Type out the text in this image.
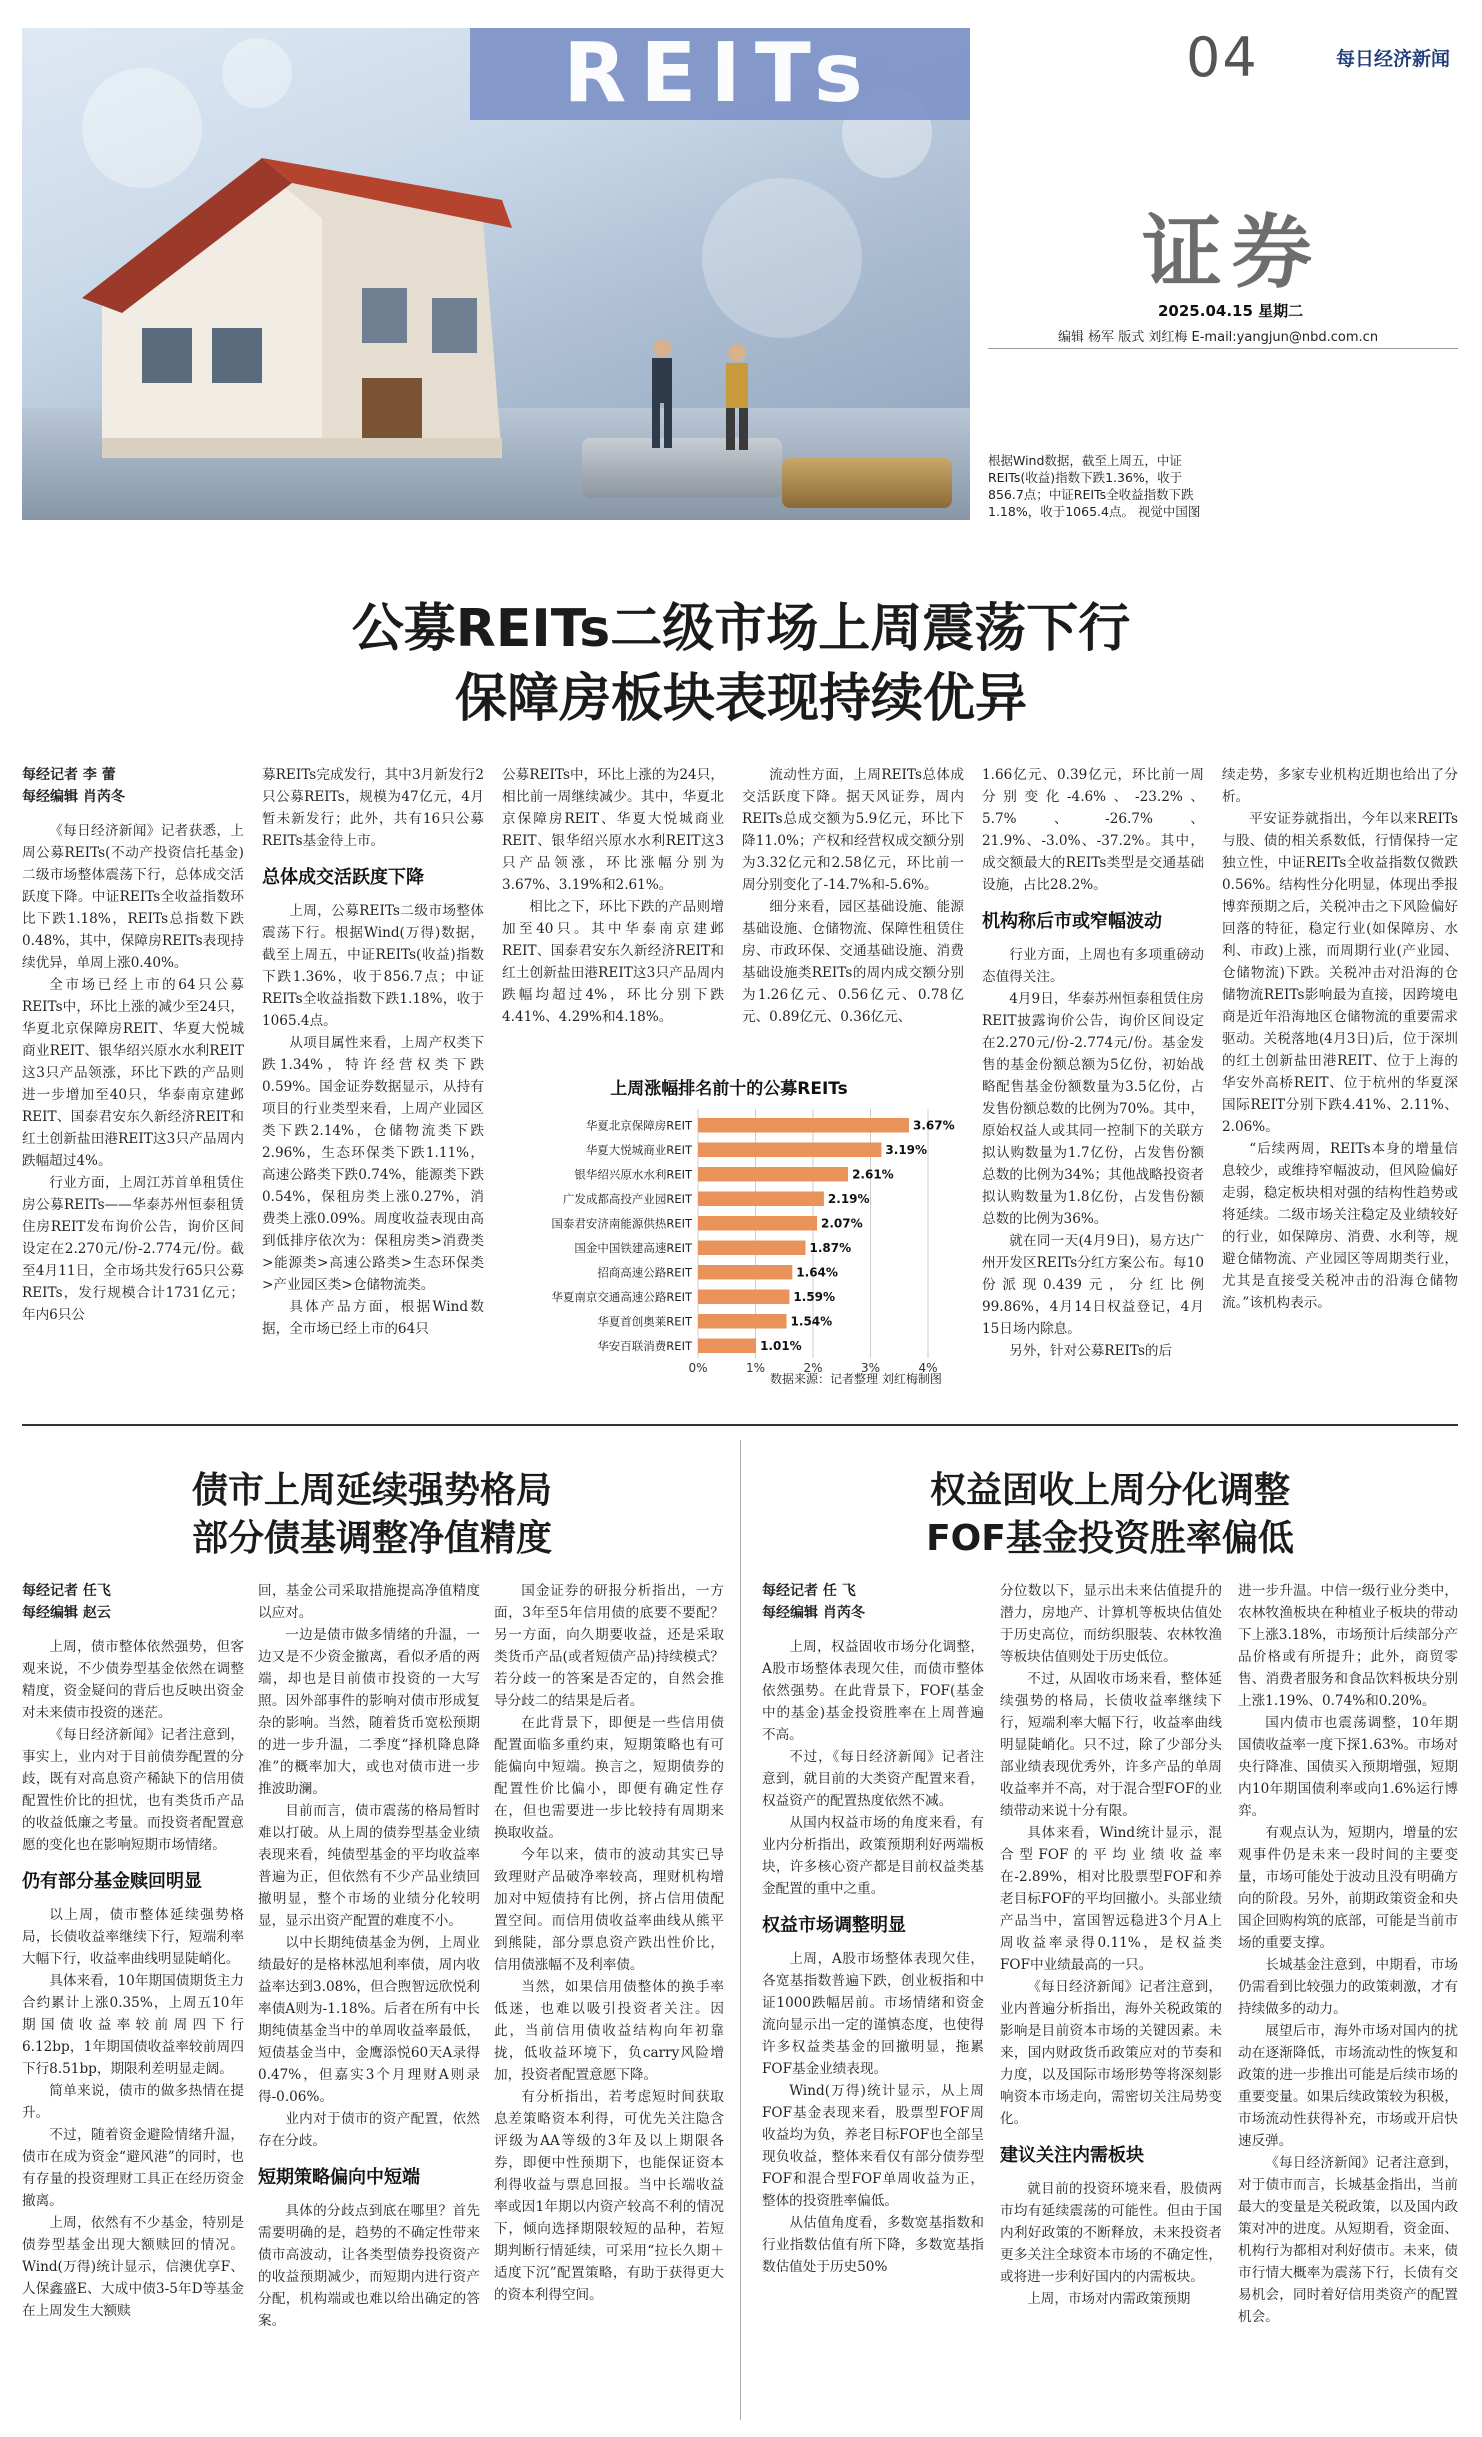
REITs	04	每日经济新闻
证券
2025.04.15 星期二
编辑 杨军 版式 刘红梅 E-mail:yangjun@nbd.com.cn
根据Wind数据，截至上周五，中证REITs(收益)指数下跌1.36%，收于856.7点；中证REITs全收益指数下跌1.18%，收于1065.4点。 视觉中国图
公募REITs二级市场上周震荡下行
保障房板块表现持续优异
每经记者 李 蕾
每经编辑 肖芮冬

《每日经济新闻》记者获悉，上周公募REITs(不动产投资信托基金)二级市场整体震荡下行，总体成交活跃度下降。中证REITs全收益指数环比下跌1.18%，REITs总指数下跌0.48%，其中，保障房REITs表现持续优异，单周上涨0.40%。

全市场已经上市的64只公募REITs中，环比上涨的减少至24只，华夏北京保障房REIT、华夏大悦城商业REIT、银华绍兴原水水利REIT这3只产品领涨，环比下跌的产品则进一步增加至40只，华泰南京建邺REIT、国泰君安东久新经济REIT和红土创新盐田港REIT这3只产品周内跌幅超过4%。

行业方面，上周江苏首单租赁住房公募REITs——华泰苏州恒泰租赁住房REIT发布询价公告，询价区间设定在2.270元/份-2.774元/份。截至4月11日，全市场共发行65只公募REITs，发行规模合计1731亿元；年内6只公

募REITs完成发行，其中3月新发行2只公募REITs，规模为47亿元，4月暂未新发行；此外，共有16只公募REITs基金待上市。

总体成交活跃度下降

上周，公募REITs二级市场整体震荡下行。根据Wind(万得)数据，截至上周五，中证REITs(收益)指数下跌1.36%，收于856.7点；中证REITs全收益指数下跌1.18%，收于1065.4点。

从项目属性来看，上周产权类下跌1.34%，特许经营权类下跌0.59%。国金证券数据显示，从持有项目的行业类型来看，上周产业园区类下跌2.14%，仓储物流类下跌2.96%，生态环保类下跌1.11%，高速公路类下跌0.74%，能源类下跌0.54%，保租房类上涨0.27%，消费类上涨0.09%。周度收益表现由高到低排序依次为：保租房类>消费类>能源类>高速公路类>生态环保类>产业园区类>仓储物流类。

具体产品方面，根据Wind数据，全市场已经上市的64只

公募REITs中，环比上涨的为24只，相比前一周继续减少。其中，华夏北京保障房REIT、华夏大悦城商业REIT、银华绍兴原水水利REIT这3只产品领涨，环比涨幅分别为3.67%、3.19%和2.61%。

相比之下，环比下跌的产品则增加至40只。其中华泰南京建邺REIT、国泰君安东久新经济REIT和红土创新盐田港REIT这3只产品周内跌幅均超过4%，环比分别下跌4.41%、4.29%和4.18%。

流动性方面，上周REITs总体成交活跃度下降。据天风证券，周内REITs总成交额为5.9亿元，环比下降11.0%；产权和经营权成交额分别为3.32亿元和2.58亿元，环比前一周分别变化了-14.7%和-5.6%。

细分来看，园区基础设施、能源基础设施、仓储物流、保障性租赁住房、市政环保、交通基础设施、消费基础设施类REITs的周内成交额分别为1.26亿元、0.56亿元、0.78亿元、0.89亿元、0.36亿元、

1.66亿元、0.39亿元，环比前一周分别变化-4.6%、-23.2%、5.7%、-26.7%、21.9%、-3.0%、-37.2%。其中，成交额最大的REITs类型是交通基础设施，占比28.2%。

机构称后市或窄幅波动

行业方面，上周也有多项重磅动态值得关注。

4月9日，华泰苏州恒泰租赁住房REIT披露询价公告，询价区间设定在2.270元/份-2.774元/份。基金发售的基金份额总额为5亿份，初始战略配售基金份额数量为3.5亿份，占发售份额总数的比例为70%。其中，原始权益人或其同一控制下的关联方拟认购数量为1.7亿份，占发售份额总数的比例为34%；其他战略投资者拟认购数量为1.8亿份，占发售份额总数的比例为36%。

就在同一天(4月9日)，易方达广州开发区REITs分红方案公布。每10份派现0.439元，分红比例99.86%，4月14日权益登记，4月15日场内除息。

另外，针对公募REITs的后

续走势，多家专业机构近期也给出了分析。

平安证券就指出，今年以来REITs与股、债的相关系数低，行情保持一定独立性，中证REITs全收益指数仅微跌0.56%。结构性分化明显，体现出季报博弈预期之后，关税冲击之下风险偏好回落的特征，稳定行业(如保障房、水利、市政)上涨，而周期行业(产业园、仓储物流)下跌。关税冲击对沿海的仓储物流REITs影响最为直接，因跨境电商是近年沿海地区仓储物流的重要需求驱动。关税落地(4月3日)后，位于深圳的红土创新盐田港REIT、位于上海的华安外高桥REIT、位于杭州的华夏深国际REIT分别下跌4.41%、2.11%、2.06%。

“后续两周，REITs本身的增量信息较少，或维持窄幅波动，但风险偏好走弱，稳定板块相对强的结构性趋势或将延续。二级市场关注稳定及业绩较好的行业，如保障房、消费、水利等，规避仓储物流、产业园区等周期类行业，尤其是直接受关税冲击的沿海仓储物流。”该机构表示。

上周涨幅排名前十的公募REITs
0%	1%	2%	3%	4%
华夏北京保障房REIT	3.67%
华夏大悦城商业REIT	3.19%
银华绍兴原水水利REIT	2.61%
广发成都高投产业园REIT	2.19%
国泰君安济南能源供热REIT	2.07%
国金中国铁建高速REIT	1.87%
招商高速公路REIT	1.64%
华夏南京交通高速公路REIT	1.59%
华夏首创奥莱REIT	1.54%
华安百联消费REIT	1.01%
数据来源：记者整理 刘红梅制图
债市上周延续强势格局
部分债基调整净值精度
每经记者 任飞
每经编辑 赵云

上周，债市整体依然强势，但客观来说，不少债券型基金依然在调整精度，资金疑问的背后也反映出资金对未来债市投资的迷茫。

《每日经济新闻》记者注意到，事实上，业内对于目前债券配置的分歧，既有对高息资产稀缺下的信用债配置性价比的担忧，也有类货币产品的收益低廉之考量。而投资者配置意愿的变化也在影响短期市场情绪。

仍有部分基金赎回明显

以上周，债市整体延续强势格局，长债收益率继续下行，短端利率大幅下行，收益率曲线明显陡峭化。

具体来看，10年期国债期货主力合约累计上涨0.35%，上周五10年期国债收益率较前周四下行6.12bp，1年期国债收益率较前周四下行8.51bp，期限利差明显走阔。

简单来说，债市的做多热情在提升。

不过，随着资金避险情绪升温，债市在成为资金“避风港”的同时，也有存量的投资理财工具正在经历资金撤离。

上周，依然有不少基金，特别是债券型基金出现大额赎回的情况。Wind(万得)统计显示，信澳优享F、人保鑫盛E、大成中债3-5年D等基金在上周发生大额赎

回，基金公司采取措施提高净值精度以应对。

一边是债市做多情绪的升温，一边又是不少资金撤离，看似矛盾的两端，却也是目前债市投资的一大写照。因外部事件的影响对债市形成复杂的影响。当然，随着货币宽松预期的进一步升温，二季度“择机降息降准”的概率加大，或也对债市进一步推波助澜。

目前而言，债市震荡的格局暂时难以打破。从上周的债券型基金业绩表现来看，纯债型基金的平均收益率普遍为正，但依然有不少产品业绩回撤明显，整个市场的业绩分化较明显，显示出资产配置的难度不小。

以中长期纯债基金为例，上周业绩最好的是格林泓旭利率债，周内收益率达到3.08%，但合煦智远欣悦利率债A则为-1.18%。后者在所有中长期纯债基金当中的单周收益率最低，短债基金当中，金鹰添悦60天A录得0.47%，但嘉实3个月理财A则录得-0.06%。

业内对于债市的资产配置，依然存在分歧。

短期策略偏向中短端

具体的分歧点到底在哪里？首先需要明确的是，趋势的不确定性带来债市高波动，让各类型债券投资资产的收益预期减少，而短期内进行资产分配，机构端或也难以给出确定的答案。

国金证券的研报分析指出，一方面，3年至5年信用债的底要不要配？另一方面，向久期要收益，还是采取类货币产品(或者短债产品)持续模式？若分歧一的答案是否定的，自然会推导分歧二的结果是后者。

在此背景下，即便是一些信用债配置面临多重约束，短期策略也有可能偏向中短端。换言之，短期债券的配置性价比偏小，即便有确定性存在，但也需要进一步比较持有周期来换取收益。

今年以来，债市的波动其实已导致理财产品破净率较高，理财机构增加对中短债持有比例，挤占信用债配置空间。而信用债收益率曲线从熊平到熊陡，部分票息资产跌出性价比，信用债涨幅不及利率债。

当然，如果信用债整体的换手率低迷，也难以吸引投资者关注。因此，当前信用债收益结构向年初靠拢，低收益环境下，负carry风险增加，投资者配置意愿下降。

有分析指出，若考虑短时间获取息差策略资本利得，可优先关注隐含评级为AA等级的3年及以上期限各券，即便中性预期下，也能保证资本利得收益与票息回报。当中长端收益率或因1年期以内资产较高不利的情况下，倾向选择期限较短的品种，若短期判断行情延续，可采用“拉长久期＋适度下沉”配置策略，有助于获得更大的资本利得空间。

权益固收上周分化调整
FOF基金投资胜率偏低
每经记者 任 飞
每经编辑 肖芮冬

上周，权益固收市场分化调整，A股市场整体表现欠佳，而债市整体依然强势。在此背景下，FOF(基金中的基金)基金投资胜率在上周普遍不高。

不过，《每日经济新闻》记者注意到，就目前的大类资产配置来看，权益资产的配置热度依然不减。

从国内权益市场的角度来看，有业内分析指出，政策预期利好两端板块，许多核心资产都是目前权益类基金配置的重中之重。

权益市场调整明显

上周，A股市场整体表现欠佳，各宽基指数普遍下跌，创业板指和中证1000跌幅居前。市场情绪和资金流向显示出一定的谨慎态度，也使得许多权益类基金的回撤明显，拖累FOF基金业绩表现。

Wind(万得)统计显示，从上周FOF基金表现来看，股票型FOF周收益均为负，养老目标FOF也全部呈现负收益，整体来看仅有部分债券型FOF和混合型FOF单周收益为正，整体的投资胜率偏低。

从估值角度看，多数宽基指数和行业指数估值有所下降，多数宽基指数估值处于历史50%

分位数以下，显示出未来估值提升的潜力，房地产、计算机等板块估值处于历史高位，而纺织服装、农林牧渔等板块估值则处于历史低位。

不过，从固收市场来看，整体延续强势的格局，长债收益率继续下行，短端利率大幅下行，收益率曲线明显陡峭化。只不过，除了少部分头部业绩表现优秀外，许多产品的单周收益率并不高，对于混合型FOF的业绩带动来说十分有限。

具体来看，Wind统计显示，混合型FOF的平均业绩收益率在-2.89%，相对比股票型FOF和养老目标FOF的平均回撤小。头部业绩产品当中，富国智远稳进3个月A上周收益率录得0.11%，是权益类FOF中业绩最高的一只。

《每日经济新闻》记者注意到，业内普遍分析指出，海外关税政策的影响是目前资本市场的关键因素。未来，国内财政货币政策应对的节奏和力度，以及国际市场形势等将深刻影响资本市场走向，需密切关注局势变化。

建议关注内需板块

就目前的投资环境来看，股债两市均有延续震荡的可能性。但由于国内利好政策的不断释放，未来投资者更多关注全球资本市场的不确定性，或将进一步利好国内的内需板块。

上周，市场对内需政策预期

进一步升温。中信一级行业分类中，农林牧渔板块在种植业子板块的带动下上涨3.18%，市场预计后续部分产品价格或有所提升；此外，商贸零售、消费者服务和食品饮料板块分别上涨1.19%、0.74%和0.20%。

国内债市也震荡调整，10年期国债收益率一度下探1.63%。市场对央行降准、国债买入预期增强，短期内10年期国债利率或向1.6%运行博弈。

有观点认为，短期内，增量的宏观事件仍是未来一段时间的主要变量，市场可能处于波动且没有明确方向的阶段。另外，前期政策资金和央国企回购构筑的底部，可能是当前市场的重要支撑。

长城基金注意到，中期看，市场仍需看到比较强力的政策刺激，才有持续做多的动力。

展望后市，海外市场对国内的扰动在逐渐降低，市场流动性的恢复和政策的进一步推出可能是后续市场的重要变量。如果后续政策较为积极，市场流动性获得补充，市场或开启快速反弹。

《每日经济新闻》记者注意到，对于债市而言，长城基金指出，当前最大的变量是关税政策，以及国内政策对冲的进度。从短期看，资金面、机构行为都相对利好债市。未来，债市行情大概率为震荡下行，长债有交易机会，同时着好信用类资产的配置机会。
